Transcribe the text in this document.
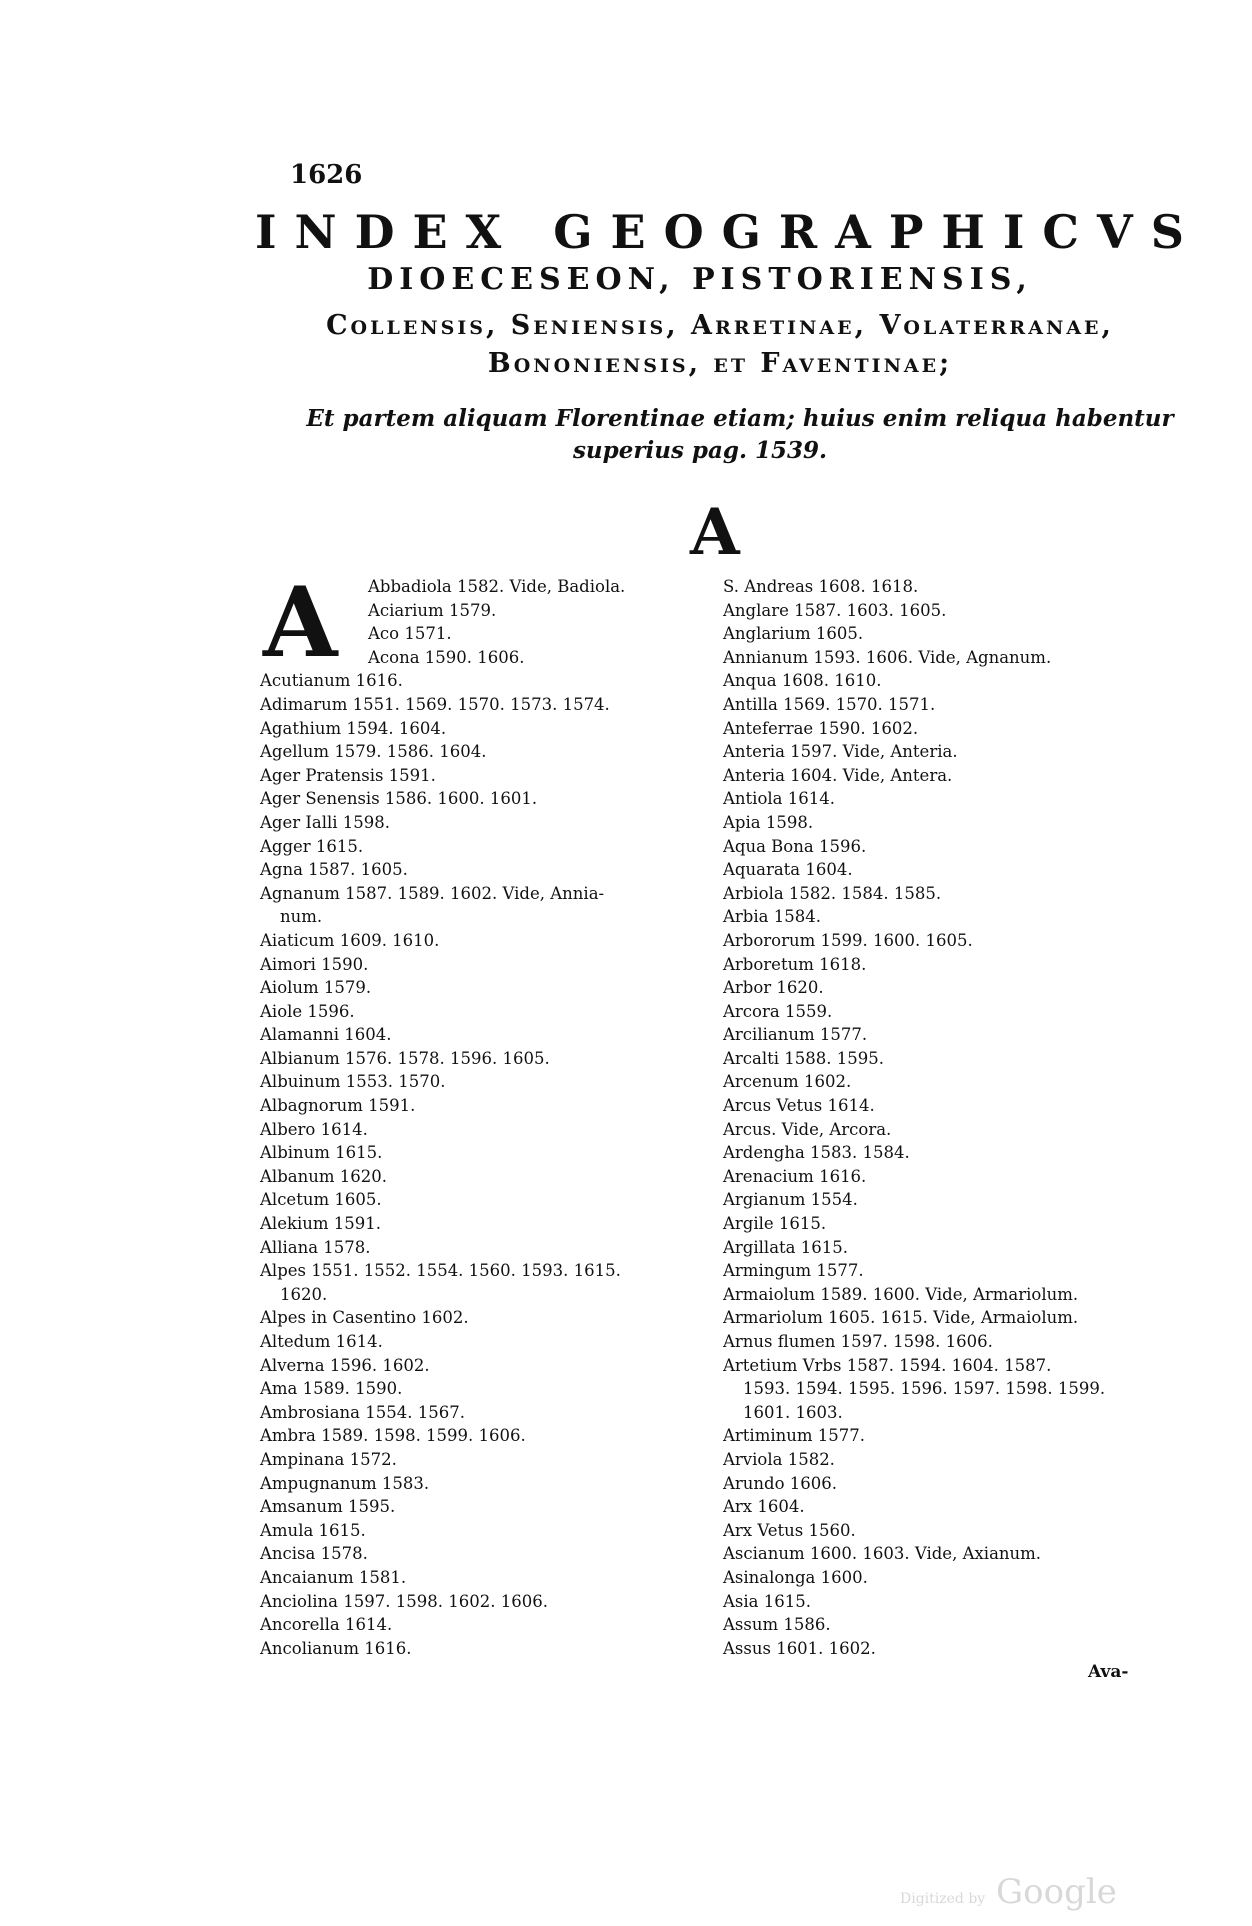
1626
INDEX GEOGRAPHICVS
DIOECESEON, PISTORIENSIS,
Collensis, Seniensis, Arretinae, Volaterranae,
Bononiensis, et Faventinae;
Et partem aliquam Florentinae etiam; huius enim reliqua habentur
superius pag. 1539.
A
A	Abbadiola 1582. Vide, Badiola.
Aciarium 1579.
Aco 1571.
Acona 1590. 1606.
Acutianum 1616.
Adimarum 1551. 1569. 1570. 1573. 1574.
Agathium 1594. 1604.
Agellum 1579. 1586. 1604.
Ager Pratensis 1591.
Ager Senensis 1586. 1600. 1601.
Ager Ialli 1598.
Agger 1615.
Agna 1587. 1605.
Agnanum 1587. 1589. 1602. Vide, Annia-
num.
Aiaticum 1609. 1610.
Aimori 1590.
Aiolum 1579.
Aiole 1596.
Alamanni 1604.
Albianum 1576. 1578. 1596. 1605.
Albuinum 1553. 1570.
Albagnorum 1591.
Albero 1614.
Albinum 1615.
Albanum 1620.
Alcetum 1605.
Alekium 1591.
Alliana 1578.
Alpes 1551. 1552. 1554. 1560. 1593. 1615.
1620.
Alpes in Casentino 1602.
Altedum 1614.
Alverna 1596. 1602.
Ama 1589. 1590.
Ambrosiana 1554. 1567.
Ambra 1589. 1598. 1599. 1606.
Ampinana 1572.
Ampugnanum 1583.
Amsanum 1595.
Amula 1615.
Ancisa 1578.
Ancaianum 1581.
Anciolina 1597. 1598. 1602. 1606.
Ancorella 1614.
Ancolianum 1616.
S. Andreas 1608. 1618.
Anglare 1587. 1603. 1605.
Anglarium 1605.
Annianum 1593. 1606. Vide, Agnanum.
Anqua 1608. 1610.
Antilla 1569. 1570. 1571.
Anteferrae 1590. 1602.
Anteria 1597. Vide, Anteria.
Anteria 1604. Vide, Antera.
Antiola 1614.
Apia 1598.
Aqua Bona 1596.
Aquarata 1604.
Arbiola 1582. 1584. 1585.
Arbia 1584.
Arbororum 1599. 1600. 1605.
Arboretum 1618.
Arbor 1620.
Arcora 1559.
Arcilianum 1577.
Arcalti 1588. 1595.
Arcenum 1602.
Arcus Vetus 1614.
Arcus. Vide, Arcora.
Ardengha 1583. 1584.
Arenacium 1616.
Argianum 1554.
Argile 1615.
Argillata 1615.
Armingum 1577.
Armaiolum 1589. 1600. Vide, Armariolum.
Armariolum 1605. 1615. Vide, Armaiolum.
Arnus flumen 1597. 1598. 1606.
Artetium Vrbs 1587. 1594. 1604. 1587.
1593. 1594. 1595. 1596. 1597. 1598. 1599.
1601. 1603.
Artiminum 1577.
Arviola 1582.
Arundo 1606.
Arx 1604.
Arx Vetus 1560.
Ascianum 1600. 1603. Vide, Axianum.
Asinalonga 1600.
Asia 1615.
Assum 1586.
Assus 1601. 1602.
Ava-
Digitized by Google
